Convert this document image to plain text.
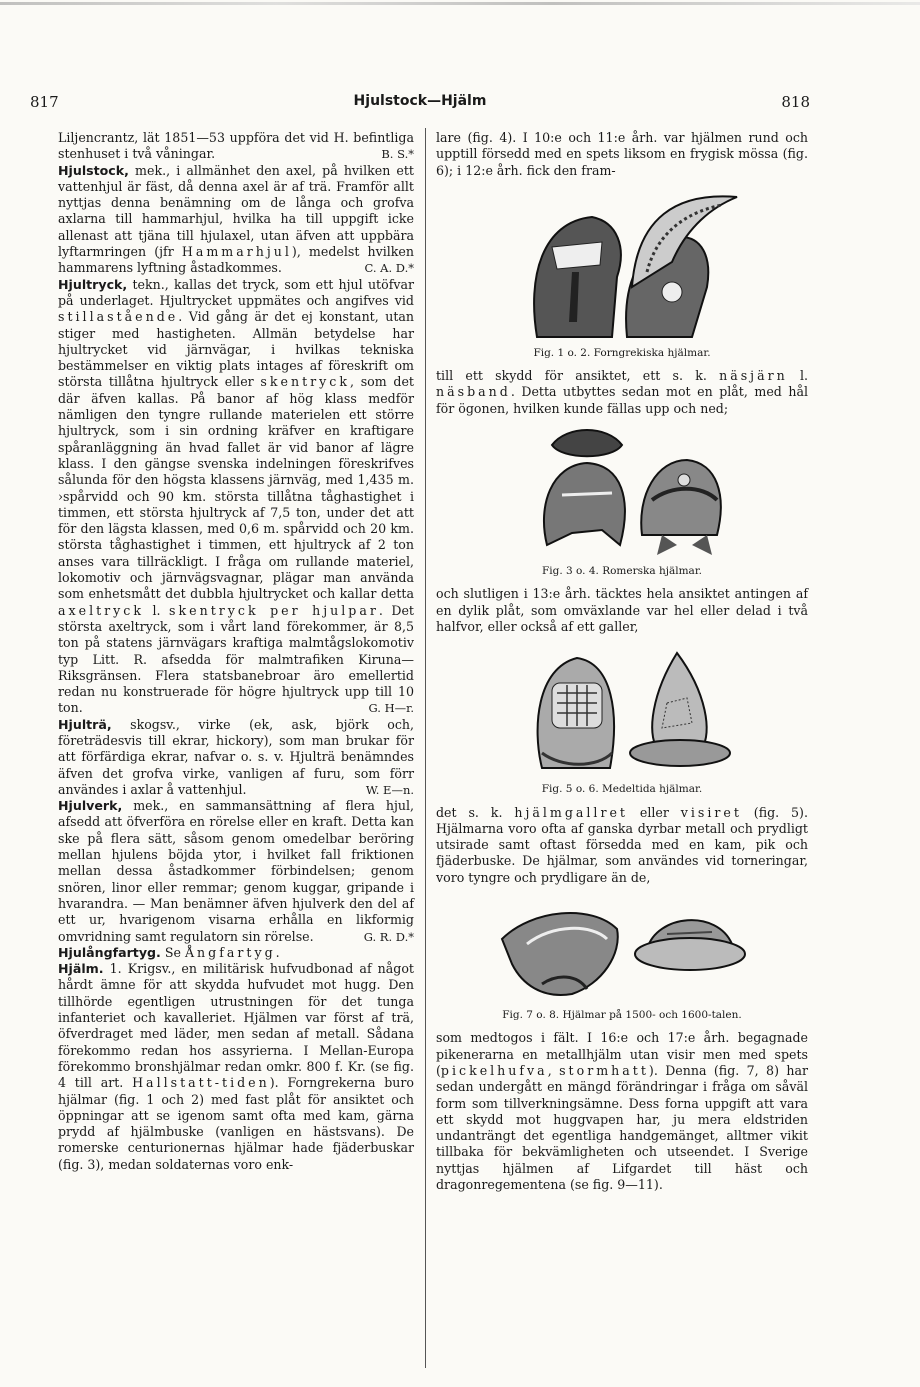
817	Hjulstock—Hjälm	818

Liljencrantz, lät 1851—53 uppföra det vid H. befintliga stenhuset i två våningar.	B. S.*

Hjulstock, mek., i allmänhet den axel, på hvilken ett vattenhjul är fäst, då denna axel är af trä. Framför allt nyttjas denna benämning om de långa och grofva axlarna till hammarhjul, hvilka ha till uppgift icke allenast att tjäna till hjulaxel, utan äfven att uppbära lyftarmringen (jfr Hammarhjul), medelst hvilken hammarens lyftning åstadkommes.	C. A. D.*

Hjultryck, tekn., kallas det tryck, som ett hjul utöfvar på underlaget. Hjultrycket uppmätes och angifves vid stillastående. Vid gång är det ej konstant, utan stiger med hastigheten. Allmän betydelse har hjultrycket vid järnvägar, i hvilkas tekniska bestämmelser en viktig plats intages af föreskrift om största tillåtna hjultryck eller skentryck, som det där äfven kallas. På banor af hög klass medför nämligen den tyngre rullande materielen ett större hjultryck, som i sin ordning kräfver en kraftigare spåranläggning än hvad fallet är vid banor af lägre klass. I den gängse svenska indelningen föreskrifves sålunda för den högsta klassens järnväg, med 1,435 m. ›spårvidd och 90 km. största tillåtna tåghastighet i timmen, ett största hjultryck af 7,5 ton, under det att för den lägsta klassen, med 0,6 m. spårvidd och 20 km. största tåghastighet i timmen, ett hjultryck af 2 ton anses vara tillräckligt. I fråga om rullande materiel, lokomotiv och järnvägsvagnar, plägar man använda som enhetsmått det dubbla hjultrycket och kallar detta axeltryck l. skentryck per hjulpar. Det största axeltryck, som i vårt land förekommer, är 8,5 ton på statens järnvägars kraftiga malmtågslokomotiv typ Litt. R. afsedda för malmtrafiken Kiruna—Riksgränsen. Flera statsbanebroar äro emellertid redan nu konstruerade för högre hjultryck upp till 10 ton.	G. H—r.

Hjulträ, skogsv., virke (ek, ask, björk och, företrädesvis till ekrar, hickory), som man brukar för att förfärdiga ekrar, nafvar o. s. v. Hjulträ benämndes äfven det grofva virke, vanligen af furu, som förr användes i axlar å vattenhjul.	W. E—n.

Hjulverk, mek., en sammansättning af flera hjul, afsedd att öfverföra en rörelse eller en kraft. Detta kan ske på flera sätt, såsom genom omedelbar beröring mellan hjulens böjda ytor, i hvilket fall friktionen mellan dessa åstadkommer förbindelsen; genom snören, linor eller remmar; genom kuggar, gripande i hvarandra. — Man benämner äfven hjulverk den del af ett ur, hvarigenom visarna erhålla en likformig omvridning samt regulatorn sin rörelse.	G. R. D.*

Hjulångfartyg. Se Ångfartyg.

Hjälm. 1. Krigsv., en militärisk hufvudbonad af något hårdt ämne för att skydda hufvudet mot hugg. Den tillhörde egentligen utrustningen för det tunga infanteriet och kavalleriet. Hjälmen var först af trä, öfverdraget med läder, men sedan af metall. Sådana förekommo redan hos assyrierna. I Mellan-Europa förekommo bronshjälmar redan omkr. 800 f. Kr. (se fig. 4 till art. Hallstatt-tiden). Forngrekerna buro hjälmar (fig. 1 och 2) med fast plåt för ansiktet och öppningar att se igenom samt ofta med kam, gärna prydd af hjälmbuske (vanligen en hästsvans). De romerske centurionernas hjälmar hade fjäderbuskar (fig. 3), medan soldaternas voro enk-

lare (fig. 4). I 10:e och 11:e årh. var hjälmen rund och upptill försedd med en spets liksom en frygisk mössa (fig. 6); i 12:e årh. fick den fram-

Fig. 1 o. 2. Forngrekiska hjälmar.

till ett skydd för ansiktet, ett s. k. näsjärn l. näsband. Detta utbyttes sedan mot en plåt, med hål för ögonen, hvilken kunde fällas upp och ned;

Fig. 3 o. 4. Romerska hjälmar.

och slutligen i 13:e årh. täcktes hela ansiktet antingen af en dylik plåt, som omväxlande var hel eller delad i två halfvor, eller också af ett galler,

Fig. 5 o. 6. Medeltida hjälmar.

det s. k. hjälmgallret eller visiret (fig. 5). Hjälmarna voro ofta af ganska dyrbar metall och prydligt utsirade samt oftast försedda med en kam, pik och fjäderbuske. De hjälmar, som användes vid torneringar, voro tyngre och prydligare än de,

Fig. 7 o. 8. Hjälmar på 1500- och 1600-talen.

som medtogos i fält. I 16:e och 17:e årh. begagnade pikenerarna en metallhjälm utan visir men med spets (pickelhufva, stormhatt). Denna (fig. 7, 8) har sedan undergått en mängd förändringar i fråga om såväl form som tillverkningsämne. Dess forna uppgift att vara ett skydd mot huggvapen har, ju mera eldstriden undanträngt det egentliga handgemänget, alltmer vikit tillbaka för bekvämligheten och utseendet. I Sverige nyttjas hjälmen af Lifgardet till häst och dragonregementena (se fig. 9—11).
